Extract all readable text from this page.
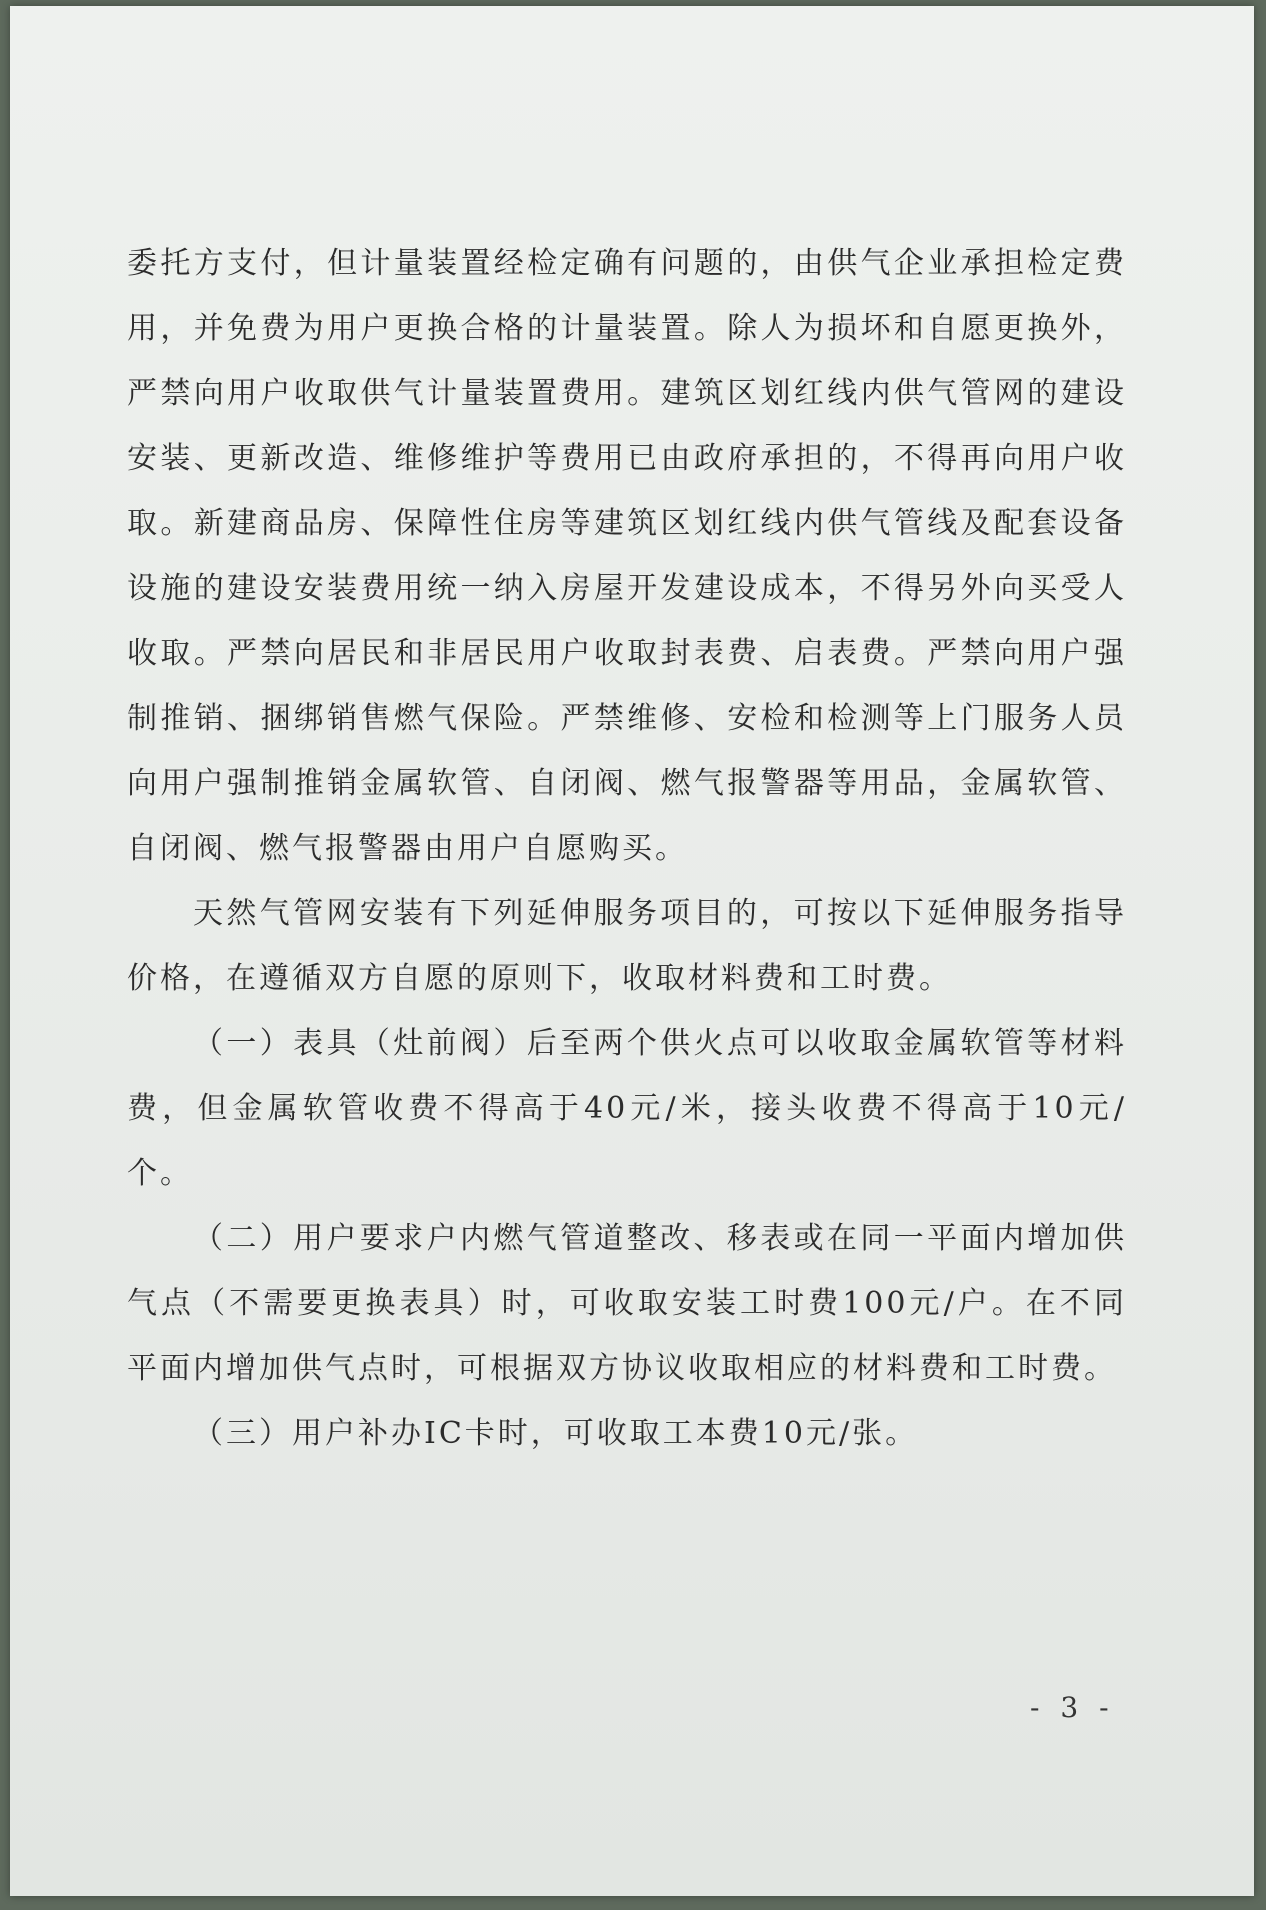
委托方支付，但计量装置经检定确有问题的，由供气企业承担检定费用，并免费为用户更换合格的计量装置。除人为损坏和自愿更换外，严禁向用户收取供气计量装置费用。建筑区划红线内供气管网的建设安装、更新改造、维修维护等费用已由政府承担的，不得再向用户收取。新建商品房、保障性住房等建筑区划红线内供气管线及配套设备设施的建设安装费用统一纳入房屋开发建设成本，不得另外向买受人收取。严禁向居民和非居民用户收取封表费、启表费。严禁向用户强制推销、捆绑销售燃气保险。严禁维修、安检和检测等上门服务人员向用户强制推销金属软管、自闭阀、燃气报警器等用品，金属软管、自闭阀、燃气报警器由用户自愿购买。

天然气管网安装有下列延伸服务项目的，可按以下延伸服务指导价格，在遵循双方自愿的原则下，收取材料费和工时费。

（一）表具（灶前阀）后至两个供火点可以收取金属软管等材料费，但金属软管收费不得高于40元/米，接头收费不得高于10元/个。

（二）用户要求户内燃气管道整改、移表或在同一平面内增加供气点（不需要更换表具）时，可收取安装工时费100元/户。在不同平面内增加供气点时，可根据双方协议收取相应的材料费和工时费。

（三）用户补办IC卡时，可收取工本费10元/张。

- 3 -
